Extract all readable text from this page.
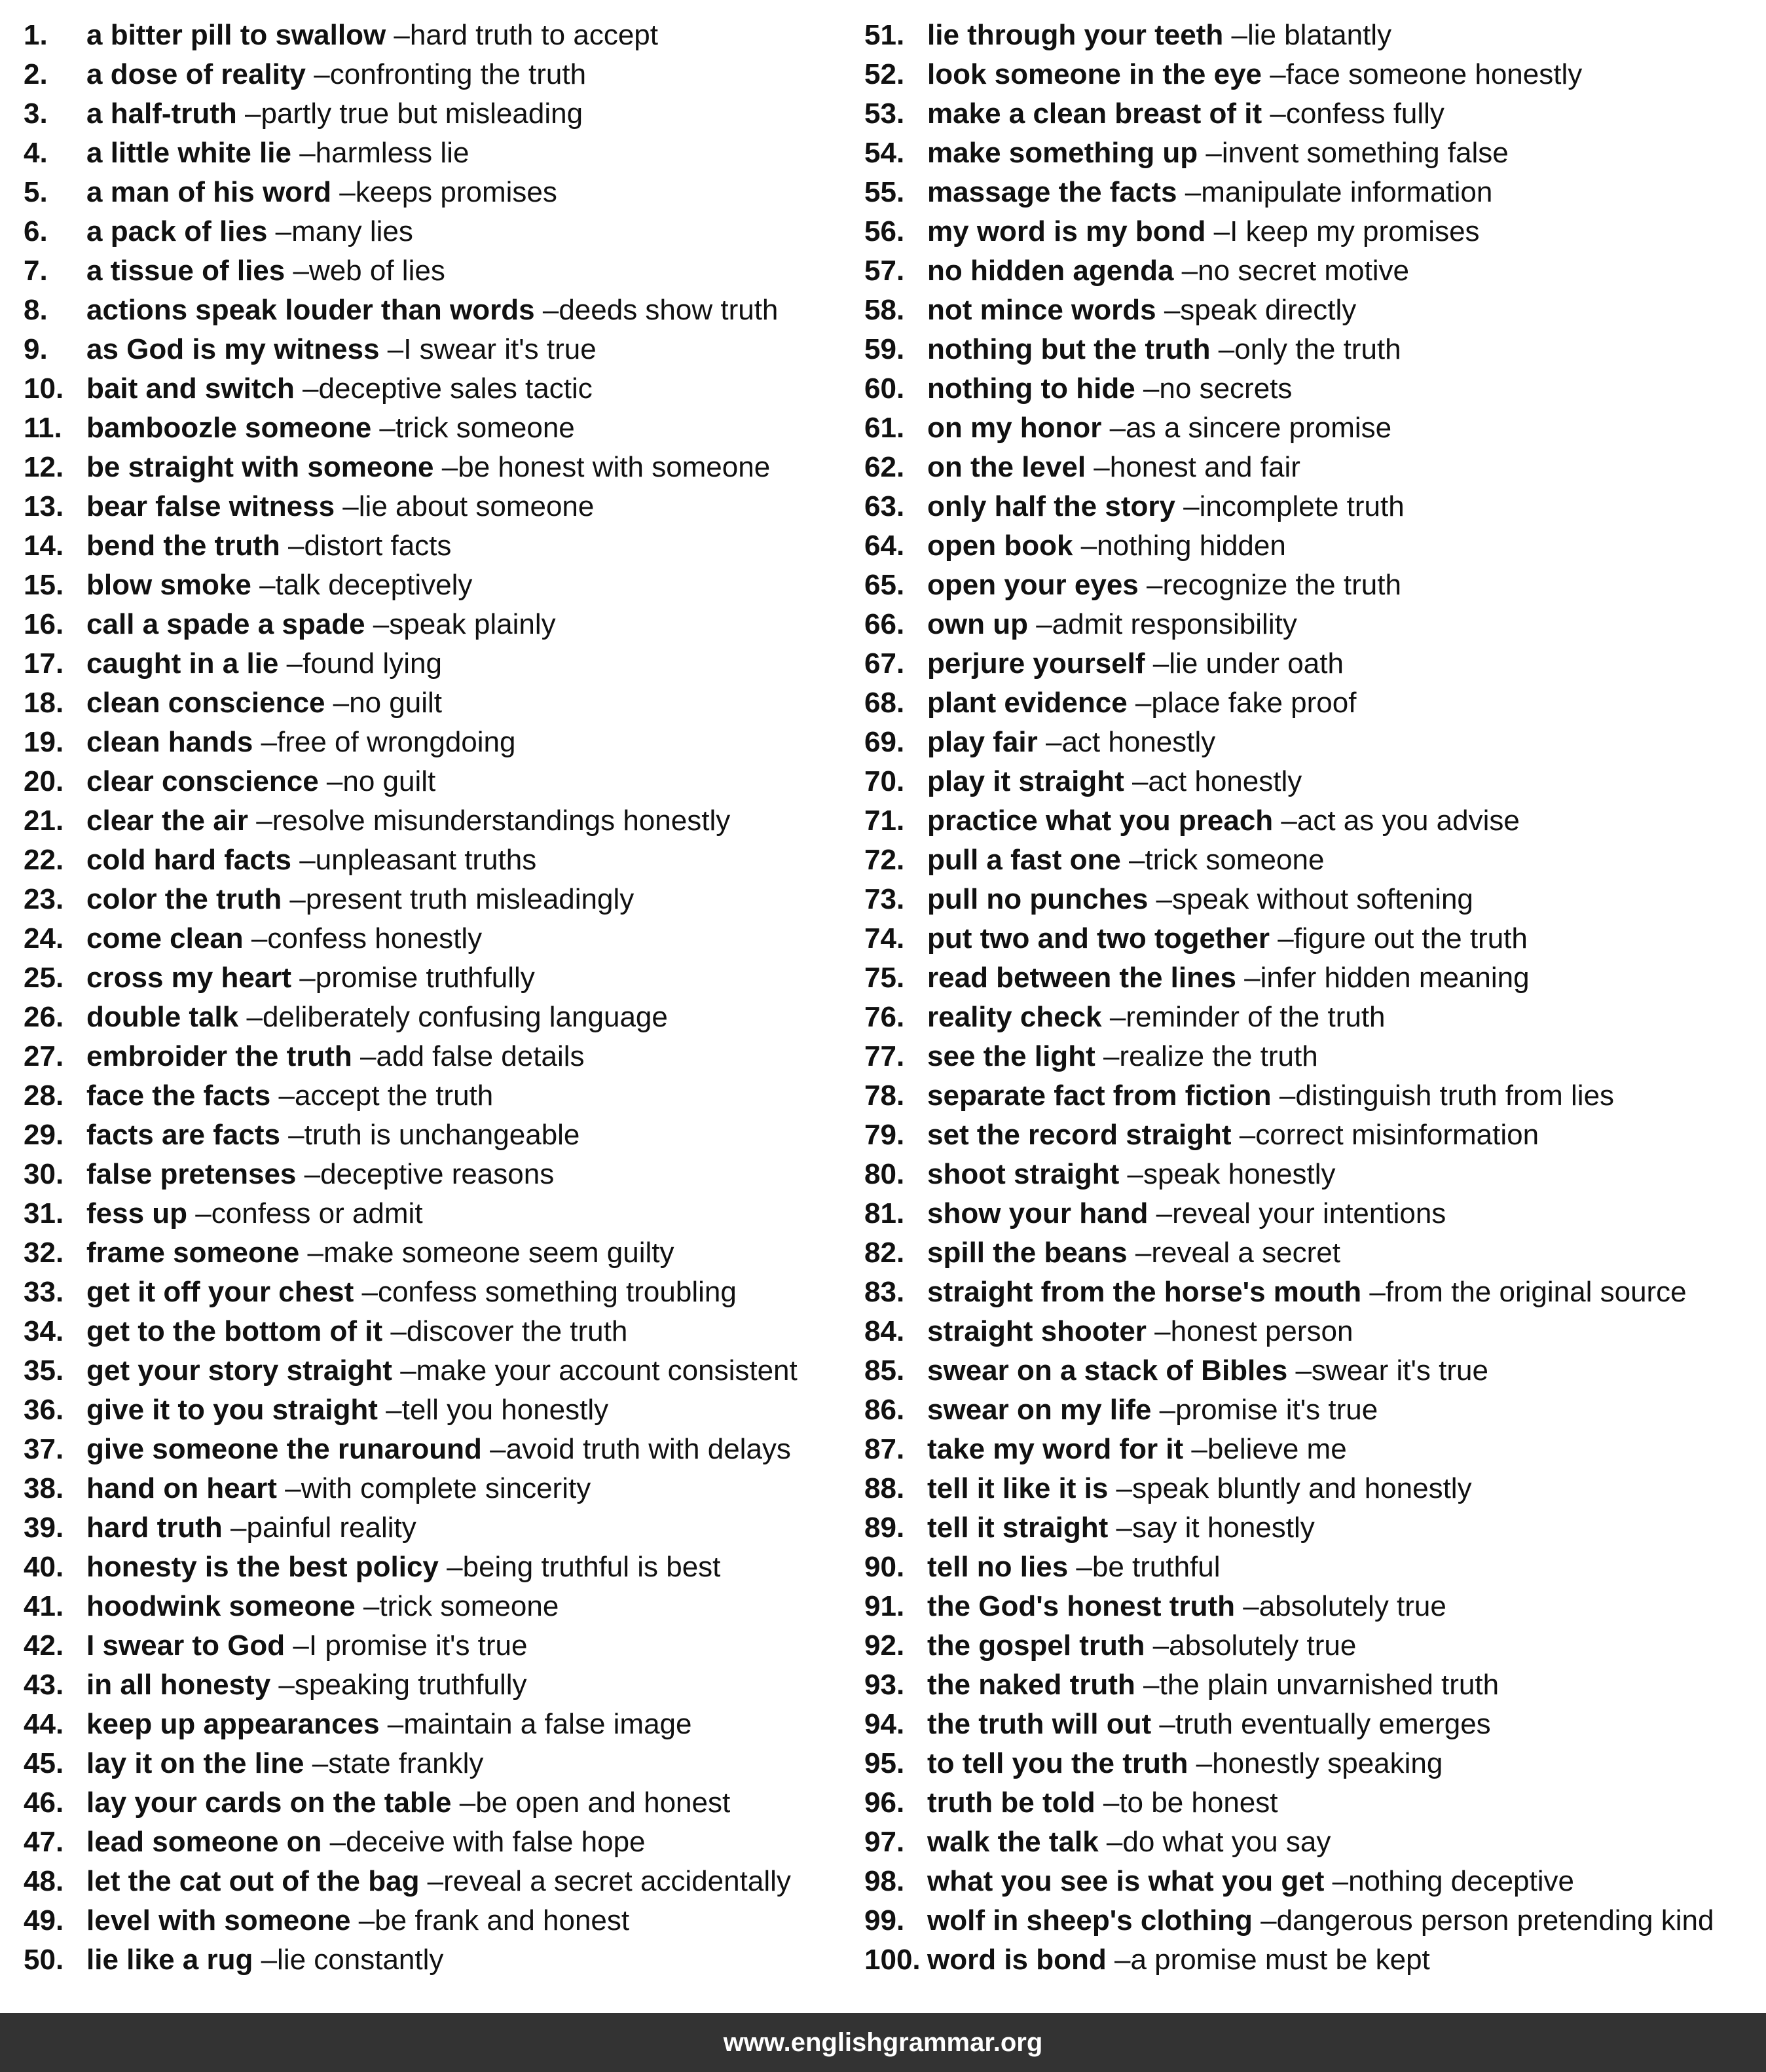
1.	a bitter pill to swallow – hard truth to accept
2.	a dose of reality – confronting the truth
3.	a half-truth – partly true but misleading
4.	a little white lie – harmless lie
5.	a man of his word – keeps promises
6.	a pack of lies – many lies
7.	a tissue of lies – web of lies
8.	actions speak louder than words – deeds show truth
9.	as God is my witness – I swear it's true
10. bait and switch – deceptive sales tactic
11. bamboozle someone – trick someone
12. be straight with someone – be honest with someone
13. bear false witness – lie about someone
14. bend the truth – distort facts
15. blow smoke – talk deceptively
16. call a spade a spade – speak plainly
17. caught in a lie – found lying
18. clean conscience – no guilt
19. clean hands – free of wrongdoing
20. clear conscience – no guilt
21. clear the air – resolve misunderstandings honestly
22. cold hard facts – unpleasant truths
23. color the truth – present truth misleadingly
24. come clean – confess honestly
25. cross my heart – promise truthfully
26. double talk – deliberately confusing language
27. embroider the truth – add false details
28. face the facts – accept the truth
29. facts are facts – truth is unchangeable
30. false pretenses – deceptive reasons
31. fess up – confess or admit
32. frame someone – make someone seem guilty
33. get it off your chest – confess something troubling
34. get to the bottom of it – discover the truth
35. get your story straight – make your account consistent
36. give it to you straight – tell you honestly
37. give someone the runaround – avoid truth with delays
38. hand on heart – with complete sincerity
39. hard truth – painful reality
40. honesty is the best policy – being truthful is best
41. hoodwink someone – trick someone
42. I swear to God – I promise it's true
43. in all honesty – speaking truthfully
44. keep up appearances – maintain a false image
45. lay it on the line – state frankly
46. lay your cards on the table – be open and honest
47. lead someone on – deceive with false hope
48. let the cat out of the bag – reveal a secret accidentally
49. level with someone – be frank and honest
50. lie like a rug – lie constantly
51. lie through your teeth – lie blatantly
52. look someone in the eye – face someone honestly
53. make a clean breast of it – confess fully
54. make something up – invent something false
55. massage the facts – manipulate information
56. my word is my bond – I keep my promises
57. no hidden agenda – no secret motive
58. not mince words – speak directly
59. nothing but the truth – only the truth
60. nothing to hide – no secrets
61. on my honor – as a sincere promise
62. on the level – honest and fair
63. only half the story – incomplete truth
64. open book – nothing hidden
65. open your eyes – recognize the truth
66. own up – admit responsibility
67. perjure yourself – lie under oath
68. plant evidence – place fake proof
69. play fair – act honestly
70. play it straight – act honestly
71. practice what you preach – act as you advise
72. pull a fast one – trick someone
73. pull no punches – speak without softening
74. put two and two together – figure out the truth
75. read between the lines – infer hidden meaning
76. reality check – reminder of the truth
77. see the light – realize the truth
78. separate fact from fiction – distinguish truth from lies
79. set the record straight – correct misinformation
80. shoot straight – speak honestly
81. show your hand – reveal your intentions
82. spill the beans – reveal a secret
83. straight from the horse's mouth – from the original source
84. straight shooter – honest person
85. swear on a stack of Bibles – swear it's true
86. swear on my life – promise it's true
87. take my word for it – believe me
88. tell it like it is – speak bluntly and honestly
89. tell it straight – say it honestly
90. tell no lies – be truthful
91. the God's honest truth – absolutely true
92. the gospel truth – absolutely true
93. the naked truth – the plain unvarnished truth
94. the truth will out – truth eventually emerges
95. to tell you the truth – honestly speaking
96. truth be told – to be honest
97. walk the talk – do what you say
98. what you see is what you get – nothing deceptive
99. wolf in sheep's clothing – dangerous person pretending kind
100. word is bond – a promise must be kept
www.englishgrammar.org
